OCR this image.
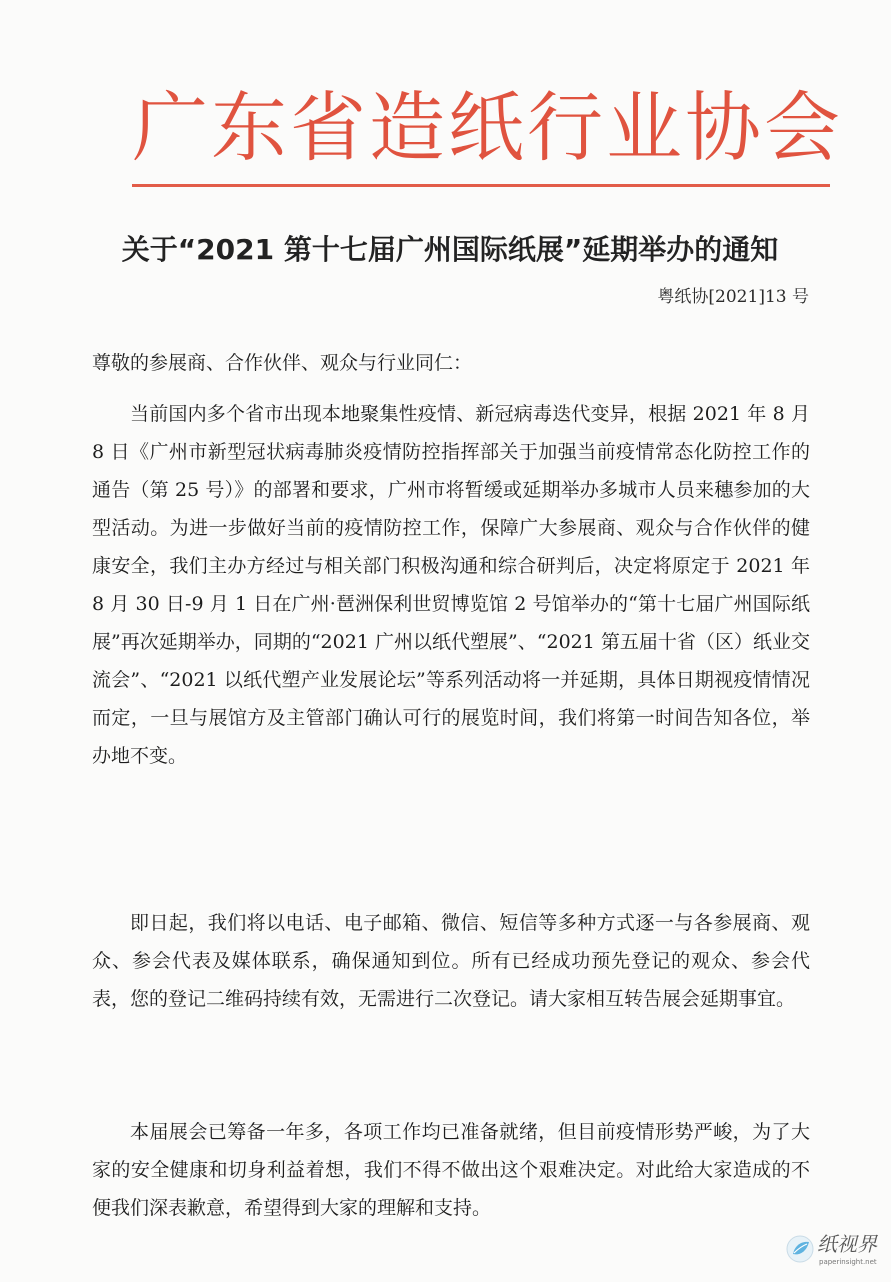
广东省造纸行业协会
关于“2021 第十七届广州国际纸展”延期举办的通知
粤纸协[2021]13 号
尊敬的参展商、合作伙伴、观众与行业同仁：
当前国内多个省市出现本地聚集性疫情、新冠病毒迭代变异，根据 2021 年 8 月 8 日《广州市新型冠状病毒肺炎疫情防控指挥部关于加强当前疫情常态化防控工作的通告（第 25 号）》的部署和要求，广州市将暂缓或延期举办多城市人员来穗参加的大型活动。为进一步做好当前的疫情防控工作，保障广大参展商、观众与合作伙伴的健康安全，我们主办方经过与相关部门积极沟通和综合研判后，决定将原定于 2021 年 8 月 30 日-9 月 1 日在广州·琶洲保利世贸博览馆 2 号馆举办的“第十七届广州国际纸展”再次延期举办，同期的“2021 广州以纸代塑展”、“2021 第五届十省（区）纸业交流会”、“2021 以纸代塑产业发展论坛”等系列活动将一并延期，具体日期视疫情情况而定，一旦与展馆方及主管部门确认可行的展览时间，我们将第一时间告知各位，举办地不变。
即日起，我们将以电话、电子邮箱、微信、短信等多种方式逐一与各参展商、观众、参会代表及媒体联系，确保通知到位。所有已经成功预先登记的观众、参会代表，您的登记二维码持续有效，无需进行二次登记。请大家相互转告展会延期事宜。
本届展会已筹备一年多，各项工作均已准备就绪，但目前疫情形势严峻，为了大家的安全健康和切身利益着想，我们不得不做出这个艰难决定。对此给大家造成的不便我们深表歉意，希望得到大家的理解和支持。
纸视界
paperinsight.net
